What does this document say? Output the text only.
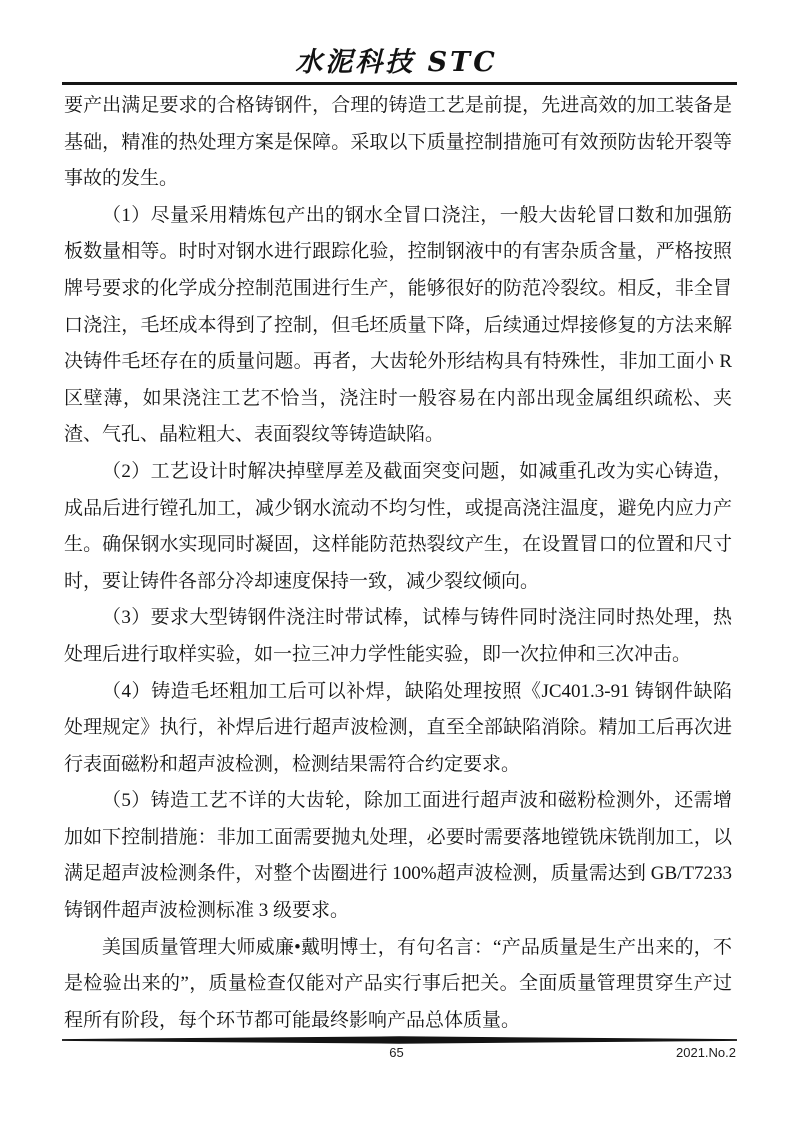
水泥科技 STC

要产出满足要求的合格铸钢件，合理的铸造工艺是前提，先进高效的加工装备是基础，精准的热处理方案是保障。采取以下质量控制措施可有效预防齿轮开裂等事故的发生。

（1）尽量采用精炼包产出的钢水全冒口浇注，一般大齿轮冒口数和加强筋板数量相等。时时对钢水进行跟踪化验，控制钢液中的有害杂质含量，严格按照牌号要求的化学成分控制范围进行生产，能够很好的防范冷裂纹。相反，非全冒口浇注，毛坯成本得到了控制，但毛坯质量下降，后续通过焊接修复的方法来解决铸件毛坯存在的质量问题。再者，大齿轮外形结构具有特殊性，非加工面小 R 区壁薄，如果浇注工艺不恰当，浇注时一般容易在内部出现金属组织疏松、夹渣、气孔、晶粒粗大、表面裂纹等铸造缺陷。

（2）工艺设计时解决掉壁厚差及截面突变问题，如减重孔改为实心铸造，成品后进行镗孔加工，减少钢水流动不均匀性，或提高浇注温度，避免内应力产生。确保钢水实现同时凝固，这样能防范热裂纹产生，在设置冒口的位置和尺寸时，要让铸件各部分冷却速度保持一致，减少裂纹倾向。

（3）要求大型铸钢件浇注时带试棒，试棒与铸件同时浇注同时热处理，热处理后进行取样实验，如一拉三冲力学性能实验，即一次拉伸和三次冲击。

（4）铸造毛坯粗加工后可以补焊，缺陷处理按照《JC401.3-91 铸钢件缺陷处理规定》执行，补焊后进行超声波检测，直至全部缺陷消除。精加工后再次进行表面磁粉和超声波检测，检测结果需符合约定要求。

（5）铸造工艺不详的大齿轮，除加工面进行超声波和磁粉检测外，还需增加如下控制措施：非加工面需要抛丸处理，必要时需要落地镗铣床铣削加工，以满足超声波检测条件，对整个齿圈进行 100%超声波检测，质量需达到 GB/T7233 铸钢件超声波检测标准 3 级要求。

美国质量管理大师威廉•戴明博士，有句名言：“产品质量是生产出来的，不是检验出来的”，质量检查仅能对产品实行事后把关。全面质量管理贯穿生产过程所有阶段，每个环节都可能最终影响产品总体质量。

65	2021.No.2
